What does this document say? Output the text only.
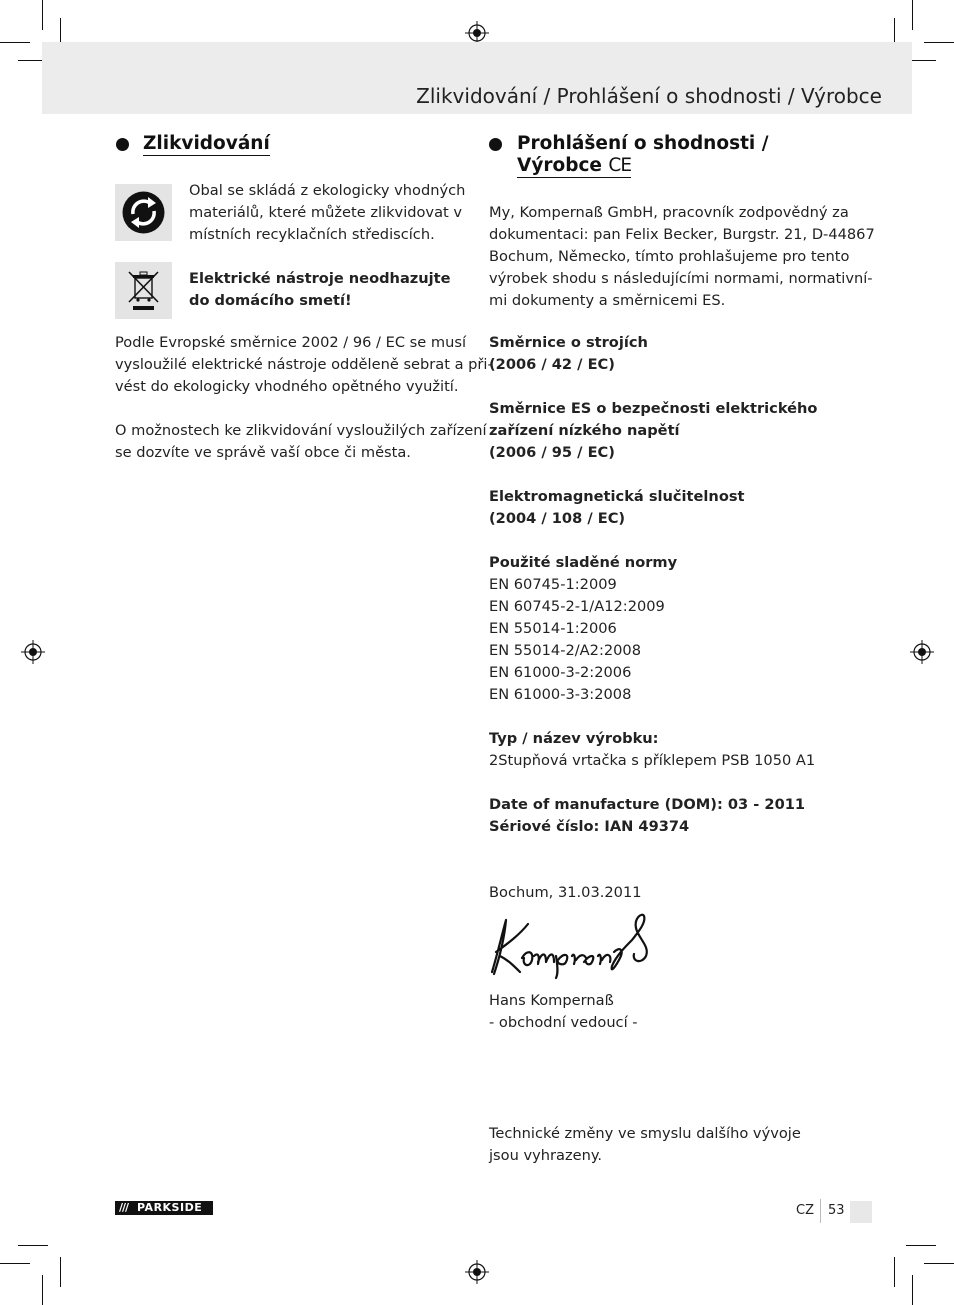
Zlikvidování / Prohlášení o shodnosti / Výrobce
Zlikvidování
Obal se skládá z ekologicky vhodných
materiálů, které můžete zlikvidovat v
místních recyklačních střediscích.
Elektrické nástroje neodhazujte
do domácího smetí!
Podle Evropské směrnice 2002 / 96 / EC se musí
vysloužilé elektrické nástroje odděleně sebrat a při-
vést do ekologicky vhodného opětného využití.
O možnostech ke zlikvidování vysloužilých zařízení
se dozvíte ve správě vaší obce či města.
Prohlášení o shodnosti /
Výrobce CE
My, Kompernaß GmbH, pracovník zodpovědný za
dokumentaci: pan Felix Becker, Burgstr. 21, D-44867
Bochum, Německo, tímto prohlašujeme pro tento
výrobek shodu s následujícími normami, normativní-
mi dokumenty a směrnicemi ES.
Směrnice o strojích
(2006 / 42 / EC)
Směrnice ES o bezpečnosti elektrického
zařízení nízkého napětí
(2006 / 95 / EC)
Elektromagnetická slučitelnost
(2004 / 108 / EC)
Použité sladěné normy
EN 60745-1:2009
EN 60745-2-1/A12:2009
EN 55014-1:2006
EN 55014-2/A2:2008
EN 61000-3-2:2006
EN 61000-3-3:2008
Typ / název výrobku:
2Stupňová vrtačka s příklepem PSB 1050 A1
Date of manufacture (DOM): 03 - 2011
Sériové číslo: IAN 49374
Bochum, 31.03.2011
Hans Kompernaß
- obchodní vedoucí -
Technické změny ve smyslu dalšího vývoje
jsou vyhrazeny.
/// PARKSIDE	CZ 53
